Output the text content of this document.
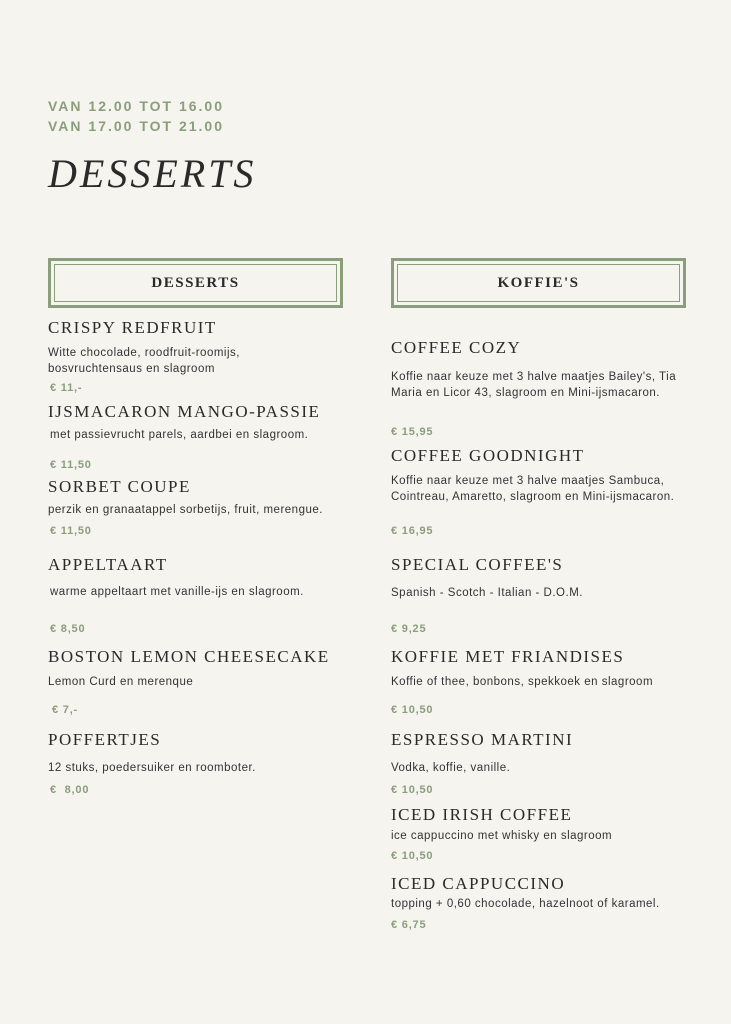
VAN 12.00 TOT 16.00
VAN 17.00 TOT 21.00
DESSERTS
DESSERTS
CRISPY REDFRUIT

Witte chocolade, roodfruit-roomijs, bosvruchtensaus en slagroom

€ 11,-

IJSMACARON MANGO-PASSIE

met passievrucht parels, aardbei en slagroom.

€ 11,50

SORBET COUPE

perzik en granaatappel sorbetijs, fruit, merengue.

€ 11,50

APPELTAART

warme appeltaart met vanille-ijs en slagroom.

€ 8,50

BOSTON LEMON CHEESECAKE

Lemon Curd en merenque

€ 7,-

POFFERTJES

12 stuks, poedersuiker en roomboter.

€  8,00

KOFFIE'S
COFFEE COZY

Koffie naar keuze met 3 halve maatjes Bailey's, Tia Maria en Licor 43, slagroom en Mini-ijsmacaron.

€ 15,95

COFFEE GOODNIGHT

Koffie naar keuze met 3 halve maatjes Sambuca, Cointreau, Amaretto, slagroom en Mini-ijsmacaron.

€ 16,95

SPECIAL COFFEE'S

Spanish - Scotch - Italian - D.O.M.

€ 9,25

KOFFIE MET FRIANDISES

Koffie of thee, bonbons, spekkoek en slagroom

€ 10,50

ESPRESSO MARTINI

Vodka, koffie, vanille.

€ 10,50

ICED IRISH COFFEE

ice cappuccino met whisky en slagroom

€ 10,50

ICED CAPPUCCINO

topping + 0,60 chocolade, hazelnoot of karamel.

€ 6,75
